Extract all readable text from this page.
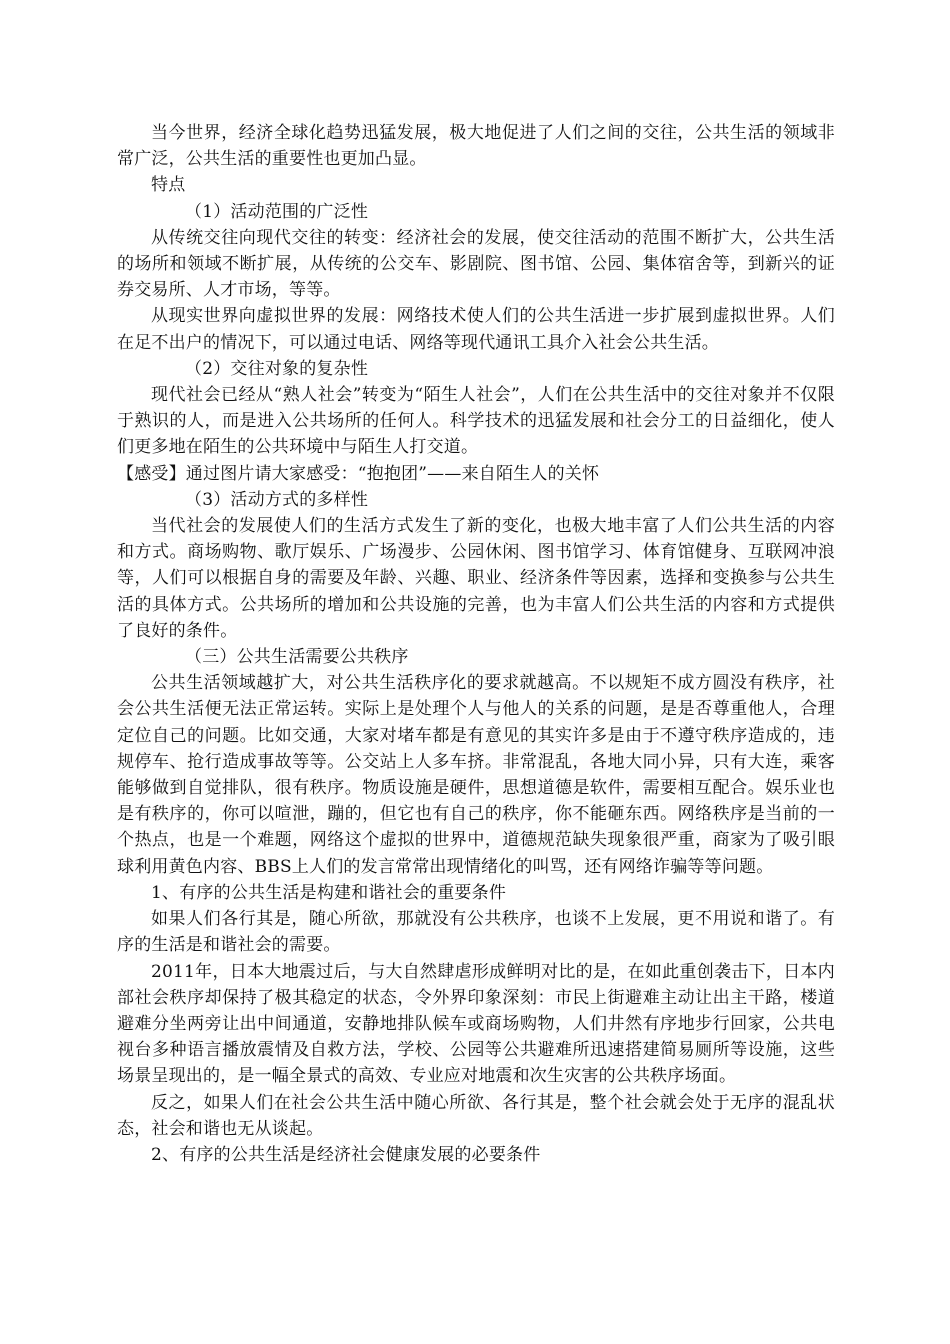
当今世界，经济全球化趋势迅猛发展，极大地促进了人们之间的交往，公共生活的领域非常广泛，公共生活的重要性也更加凸显。

特点

（1）活动范围的广泛性

从传统交往向现代交往的转变：经济社会的发展，使交往活动的范围不断扩大，公共生活的场所和领域不断扩展，从传统的公交车、影剧院、图书馆、公园、集体宿舍等，到新兴的证券交易所、人才市场，等等。

从现实世界向虚拟世界的发展：网络技术使人们的公共生活进一步扩展到虚拟世界。人们在足不出户的情况下，可以通过电话、网络等现代通讯工具介入社会公共生活。

（2）交往对象的复杂性

现代社会已经从“熟人社会”转变为“陌生人社会”，人们在公共生活中的交往对象并不仅限于熟识的人，而是进入公共场所的任何人。科学技术的迅猛发展和社会分工的日益细化，使人们更多地在陌生的公共环境中与陌生人打交道。

【感受】通过图片请大家感受：“抱抱团”——来自陌生人的关怀

（3）活动方式的多样性

当代社会的发展使人们的生活方式发生了新的变化，也极大地丰富了人们公共生活的内容和方式。商场购物、歌厅娱乐、广场漫步、公园休闲、图书馆学习、体育馆健身、互联网冲浪等，人们可以根据自身的需要及年龄、兴趣、职业、经济条件等因素，选择和变换参与公共生活的具体方式。公共场所的增加和公共设施的完善，也为丰富人们公共生活的内容和方式提供了良好的条件。

（三）公共生活需要公共秩序

公共生活领域越扩大，对公共生活秩序化的要求就越高。不以规矩不成方圆没有秩序，社会公共生活便无法正常运转。实际上是处理个人与他人的关系的问题，是是否尊重他人，合理定位自己的问题。比如交通，大家对堵车都是有意见的其实许多是由于不遵守秩序造成的，违规停车、抢行造成事故等等。公交站上人多车挤。非常混乱，各地大同小异，只有大连，乘客能够做到自觉排队，很有秩序。物质设施是硬件，思想道德是软件，需要相互配合。娱乐业也是有秩序的，你可以喧泄，蹦的，但它也有自己的秩序，你不能砸东西。网络秩序是当前的一个热点，也是一个难题，网络这个虚拟的世界中，道德规范缺失现象很严重，商家为了吸引眼球利用黄色内容、BBS上人们的发言常常出现情绪化的叫骂，还有网络诈骗等等问题。

1、有序的公共生活是构建和谐社会的重要条件

如果人们各行其是，随心所欲，那就没有公共秩序，也谈不上发展，更不用说和谐了。有序的生活是和谐社会的需要。

2011年，日本大地震过后，与大自然肆虐形成鲜明对比的是，在如此重创袭击下，日本内部社会秩序却保持了极其稳定的状态，令外界印象深刻：市民上街避难主动让出主干路，楼道避难分坐两旁让出中间通道，安静地排队候车或商场购物，人们井然有序地步行回家，公共电视台多种语言播放震情及自救方法，学校、公园等公共避难所迅速搭建简易厕所等设施，这些场景呈现出的，是一幅全景式的高效、专业应对地震和次生灾害的公共秩序场面。

反之，如果人们在社会公共生活中随心所欲、各行其是，整个社会就会处于无序的混乱状态，社会和谐也无从谈起。

2、有序的公共生活是经济社会健康发展的必要条件
